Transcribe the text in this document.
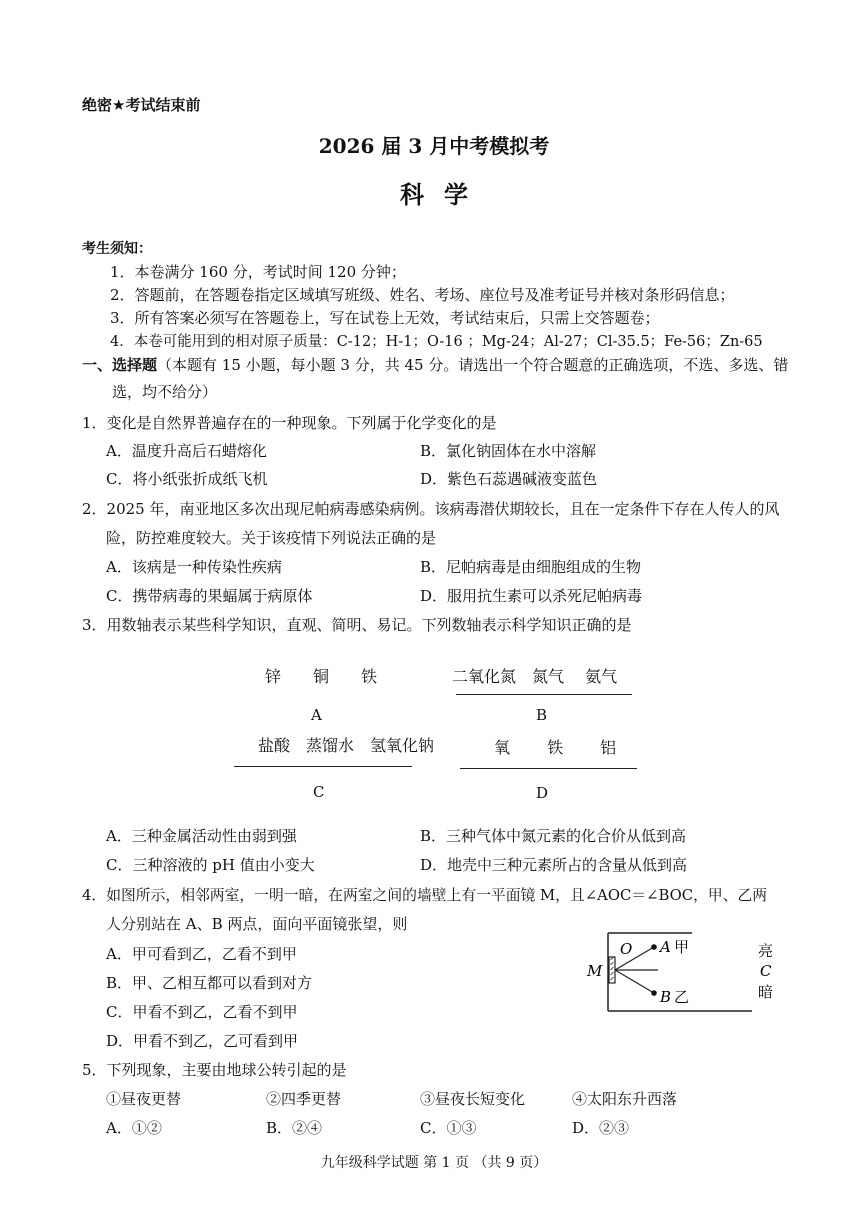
绝密★考试结束前
2026 届 3 月中考模拟考
科学
考生须知：
1．本卷满分 160 分，考试时间 120 分钟；
2．答题前，在答题卷指定区域填写班级、姓名、考场、座位号及准考证号并核对条形码信息；
3．所有答案必须写在答题卷上，写在试卷上无效，考试结束后，只需上交答题卷；
4．本卷可能用到的相对原子质量：C-12；H-1；O-16 ；Mg-24；Al-27；Cl-35.5；Fe-56；Zn-65
一、选择题（本题有 15 小题，每小题 3 分，共 45 分。请选出一个符合题意的正确选项，不选、多选、错
选，均不给分）
1．变化是自然界普遍存在的一种现象。下列属于化学变化的是
A．温度升高后石蜡熔化	B．氯化钠固体在水中溶解
C．将小纸张折成纸飞机	D．紫色石蕊遇碱液变蓝色
2．2025 年，南亚地区多次出现尼帕病毒感染病例。该病毒潜伏期较长，且在一定条件下存在人传人的风
险，防控难度较大。关于该疫情下列说法正确的是
A．该病是一种传染性疾病	B．尼帕病毒是由细胞组成的生物
C．携带病毒的果蝠属于病原体	D．服用抗生素可以杀死尼帕病毒
3．用数轴表示某些科学知识，直观、简明、易记。下列数轴表示科学知识正确的是
锌　　铜　　铁
A
二氧化氮　氮气　 氨气
B
盐酸　蒸馏水　氢氧化钠
C
氧　　 铁　　 铝
D
A．三种金属活动性由弱到强	B．三种气体中氮元素的化合价从低到高
C．三种溶液的 pH 值由小变大	D．地壳中三种元素所占的含量从低到高
4．如图所示，相邻两室，一明一暗，在两室之间的墙壁上有一平面镜 M，且∠AOC＝∠BOC，甲、乙两
人分别站在 A、B 两点，面向平面镜张望，则
A．甲可看到乙，乙看不到甲
B．甲、乙相互都可以看到对方
C．甲看不到乙，乙看不到甲
D．甲看不到乙，乙可看到甲
O A 甲
B 乙
M
亮
C
暗
5．下列现象，主要由地球公转引起的是
①昼夜更替	②四季更替	③昼夜长短变化	④太阳东升西落
A．①②	B．②④	C．①③	D．②③
九年级科学试题 第 1 页 （共 9 页）
